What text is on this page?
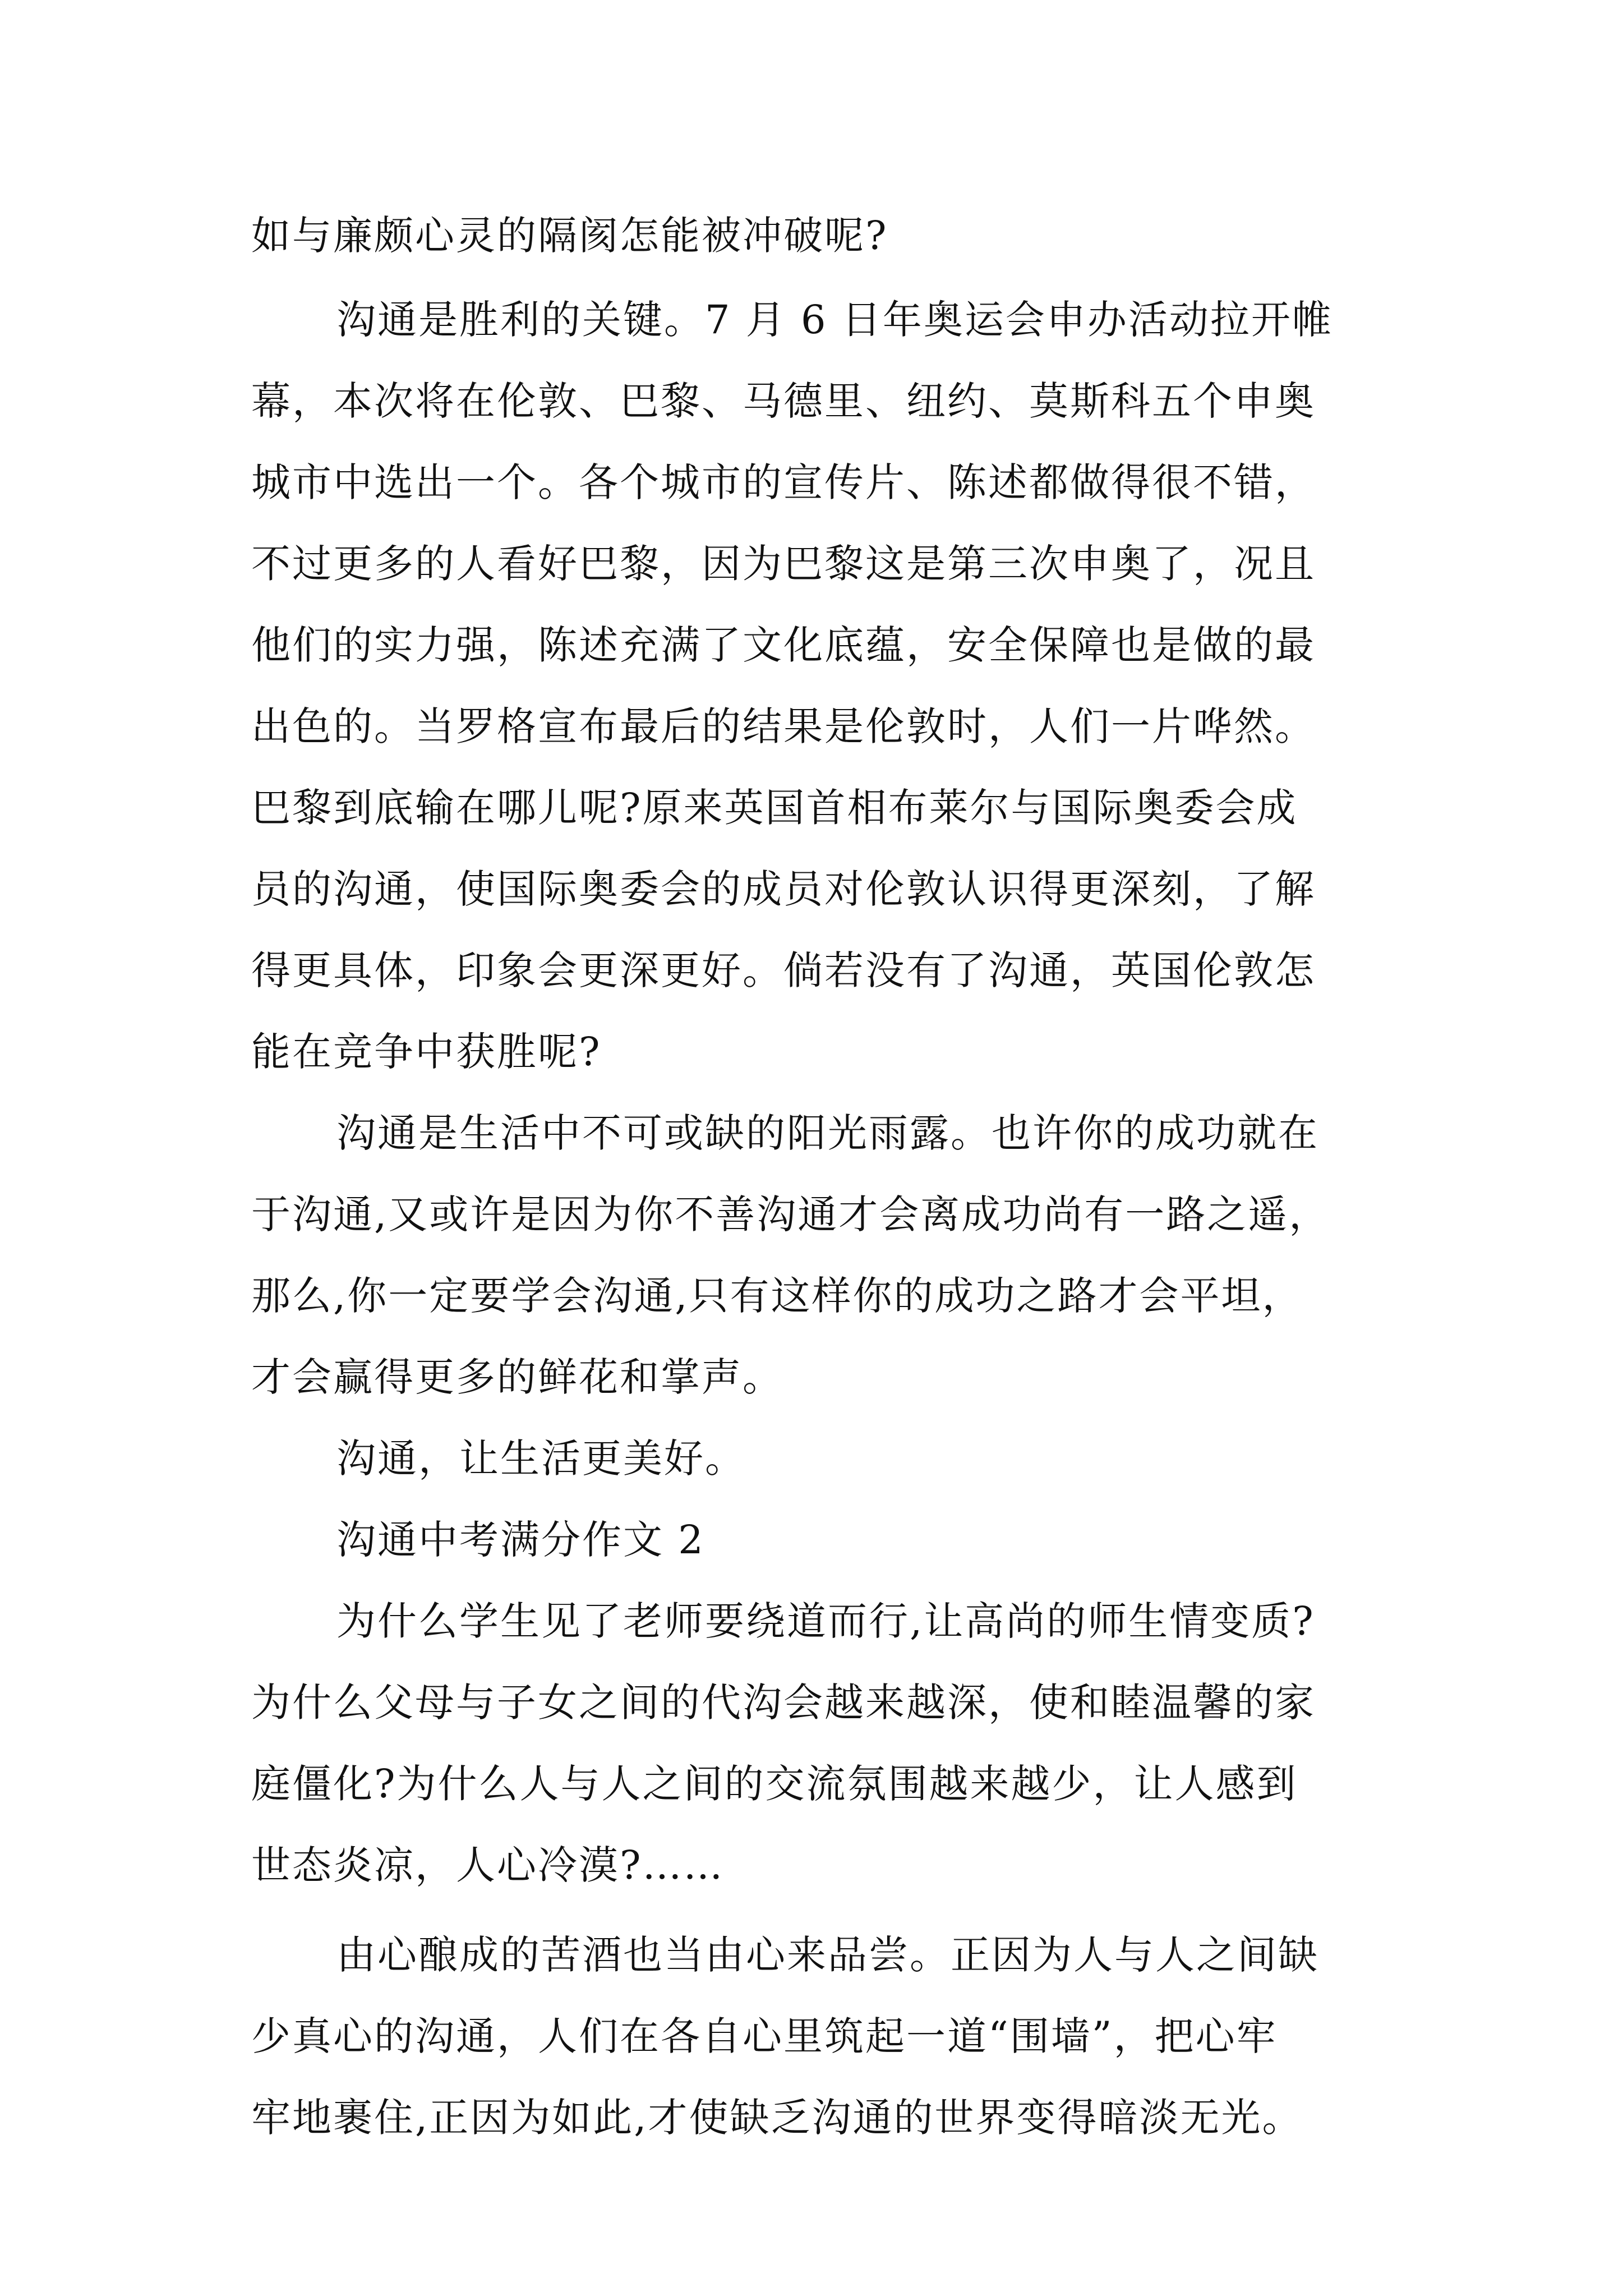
如与廉颇心灵的隔阂怎能被冲破呢?
沟通是胜利的关键。7 月 6 日年奥运会申办活动拉开帷
幕，本次将在伦敦、巴黎、马德里、纽约、莫斯科五个申奥
城市中选出一个。各个城市的宣传片、陈述都做得很不错，
不过更多的人看好巴黎，因为巴黎这是第三次申奥了，况且
他们的实力强，陈述充满了文化底蕴，安全保障也是做的最
出色的。当罗格宣布最后的结果是伦敦时，人们一片哗然。
巴黎到底输在哪儿呢?原来英国首相布莱尔与国际奥委会成
员的沟通，使国际奥委会的成员对伦敦认识得更深刻，了解
得更具体，印象会更深更好。倘若没有了沟通，英国伦敦怎
能在竞争中获胜呢?
沟通是生活中不可或缺的阳光雨露。也许你的成功就在
于沟通,又或许是因为你不善沟通才会离成功尚有一路之遥，
那么,你一定要学会沟通,只有这样你的成功之路才会平坦，
才会赢得更多的鲜花和掌声。
沟通，让生活更美好。
沟通中考满分作文 2
为什么学生见了老师要绕道而行,让高尚的师生情变质?
为什么父母与子女之间的代沟会越来越深，使和睦温馨的家
庭僵化?为什么人与人之间的交流氛围越来越少，让人感到
世态炎凉，人心冷漠?……
由心酿成的苦酒也当由心来品尝。正因为人与人之间缺
少真心的沟通，人们在各自心里筑起一道“围墙”，把心牢
牢地裹住,正因为如此,才使缺乏沟通的世界变得暗淡无光。
